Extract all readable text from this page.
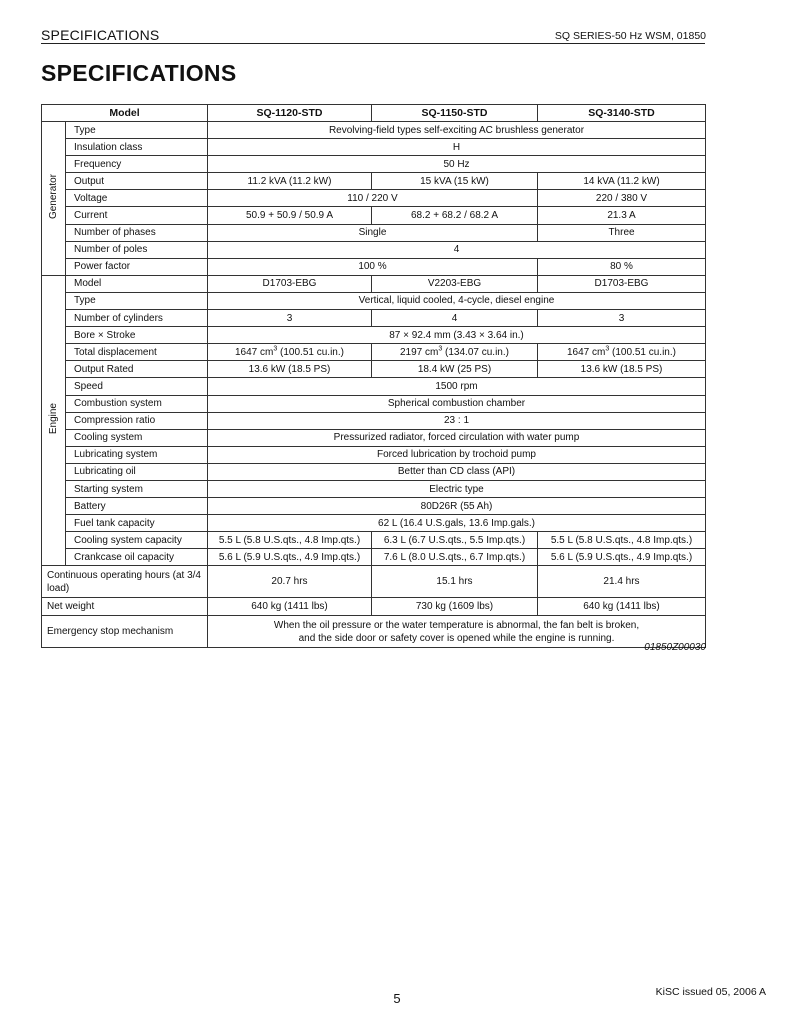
SPECIFICATIONS	SQ SERIES-50 Hz WSM, 01850
SPECIFICATIONS
Model		SQ-1120-STD	SQ-1150-STD	SQ-3140-STD
Generator	Type	Revolving-field types self-exciting AC brushless generator		
	Insulation class	H		
	Frequency	50 Hz		
	Output	11.2 kVA (11.2 kW)	15 kVA (15 kW)	14 kVA (11.2 kW)
	Voltage	110 / 220 V		220 / 380 V
	Current	50.9 + 50.9 / 50.9 A	68.2 + 68.2 / 68.2 A	21.3 A
	Number of phases	Single		Three
	Number of poles	4		
	Power factor	100 %		80 %
Engine	Model	D1703-EBG	V2203-EBG	D1703-EBG
	Type	Vertical, liquid cooled, 4-cycle, diesel engine		
	Number of cylinders	3	4	3
	Bore × Stroke	87 × 92.4 mm (3.43 × 3.64 in.)		
	Total displacement	1647 $cm^3$ (100.51 cu.in.)	2197 $cm^3$ (134.07 cu.in.)	1647 $cm^3$ (100.51 cu.in.)
	Output Rated	13.6 kW (18.5 PS)	18.4 kW (25 PS)	13.6 kW (18.5 PS)
	Speed	1500 rpm		
	Combustion system	Spherical combustion chamber		
	Compression ratio	23 : 1		
	Cooling system	Pressurized radiator, forced circulation with water pump		
	Lubricating system	Forced lubrication by trochoid pump		
	Lubricating oil	Better than CD class (API)		
	Starting system	Electric type		
	Battery	80D26R (55 Ah)		
	Fuel tank capacity	62 L (16.4 U.S.gals, 13.6 Imp.gals.)		
	Cooling system capacity	5.5 L (5.8 U.S.qts., 4.8 Imp.qts.)	6.3 L (6.7 U.S.qts., 5.5 Imp.qts.)	5.5 L (5.8 U.S.qts., 4.8 Imp.qts.)
	Crankcase oil capacity	5.6 L (5.9 U.S.qts., 4.9 Imp.qts.)	7.6 L (8.0 U.S.qts., 6.7 Imp.qts.)	5.6 L (5.9 U.S.qts., 4.9 Imp.qts.)
Continuous operating hours (at 3/4 load)		20.7 hrs	15.1 hrs	21.4 hrs
Net weight		640 kg (1411 lbs)	730 kg (1609 lbs)	640 kg (1411 lbs)
Emergency stop mechanism		When the oil pressure or the water temperature is abnormal, the fan belt is broken,
and the side door or safety cover is opened while the engine is running.		
01850Z00030
5	KiSC issued 05, 2006 A
